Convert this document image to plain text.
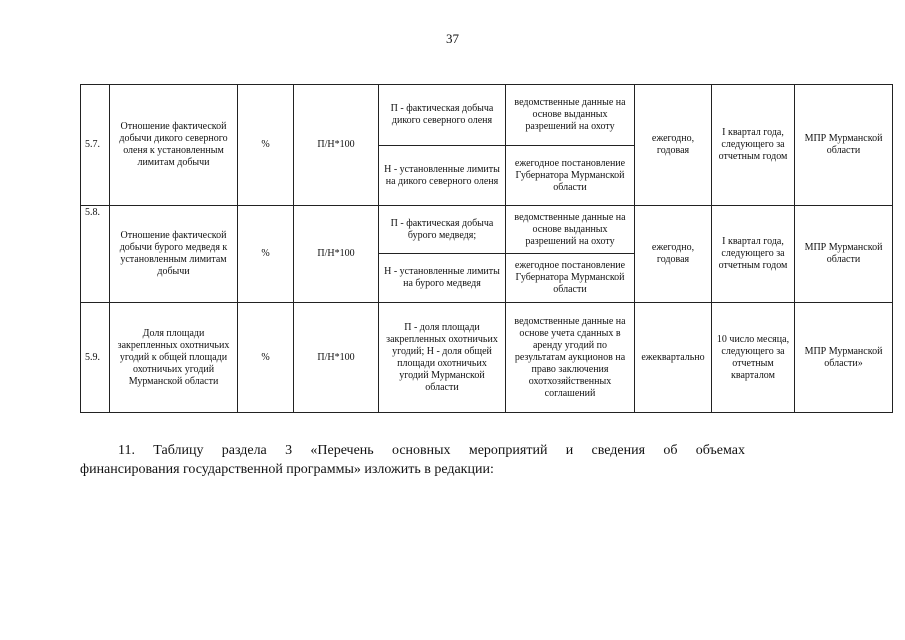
37
5.7.	Отношение фактической добычи дикого северного оленя к установленным лимитам добычи	%	П/Н*100	П - фактическая добыча дикого северного оленя	ведомственные данные на основе выданных разрешений на охоту	ежегодно, годовая	I квартал года, следующего за отчетным годом	МПР Мурманской области
				Н - установленные лимиты на дикого северного оленя	ежегодное постановление Губернатора Мурманской области			
5.8.	Отношение фактической добычи бурого медведя к установленным лимитам добычи	%	П/Н*100	П - фактическая добыча бурого медведя;	ведомственные данные на основе выданных разрешений на охоту	ежегодно, годовая	I квартал года, следующего за отчетным годом	МПР Мурманской области
				Н - установленные лимиты на бурого медведя	ежегодное постановление Губернатора Мурманской области			
5.9.	Доля площади закрепленных охотничьих угодий к общей площади охотничьих угодий Мурманской области	%	П/Н*100	П - доля площади закрепленных охотничьих угодий; Н - доля общей площади охотничьих угодий Мурманской области	ведомственные данные на основе учета сданных в аренду угодий по результатам аукционов на право заключения охотхозяйственных соглашений	ежеквартально	10 число месяца, следующего за отчетным кварталом	МПР Мурманской области»
11. Таблицу раздела 3 «Перечень основных мероприятий и сведения об объемах
финансирования государственной программы» изложить в редакции:
